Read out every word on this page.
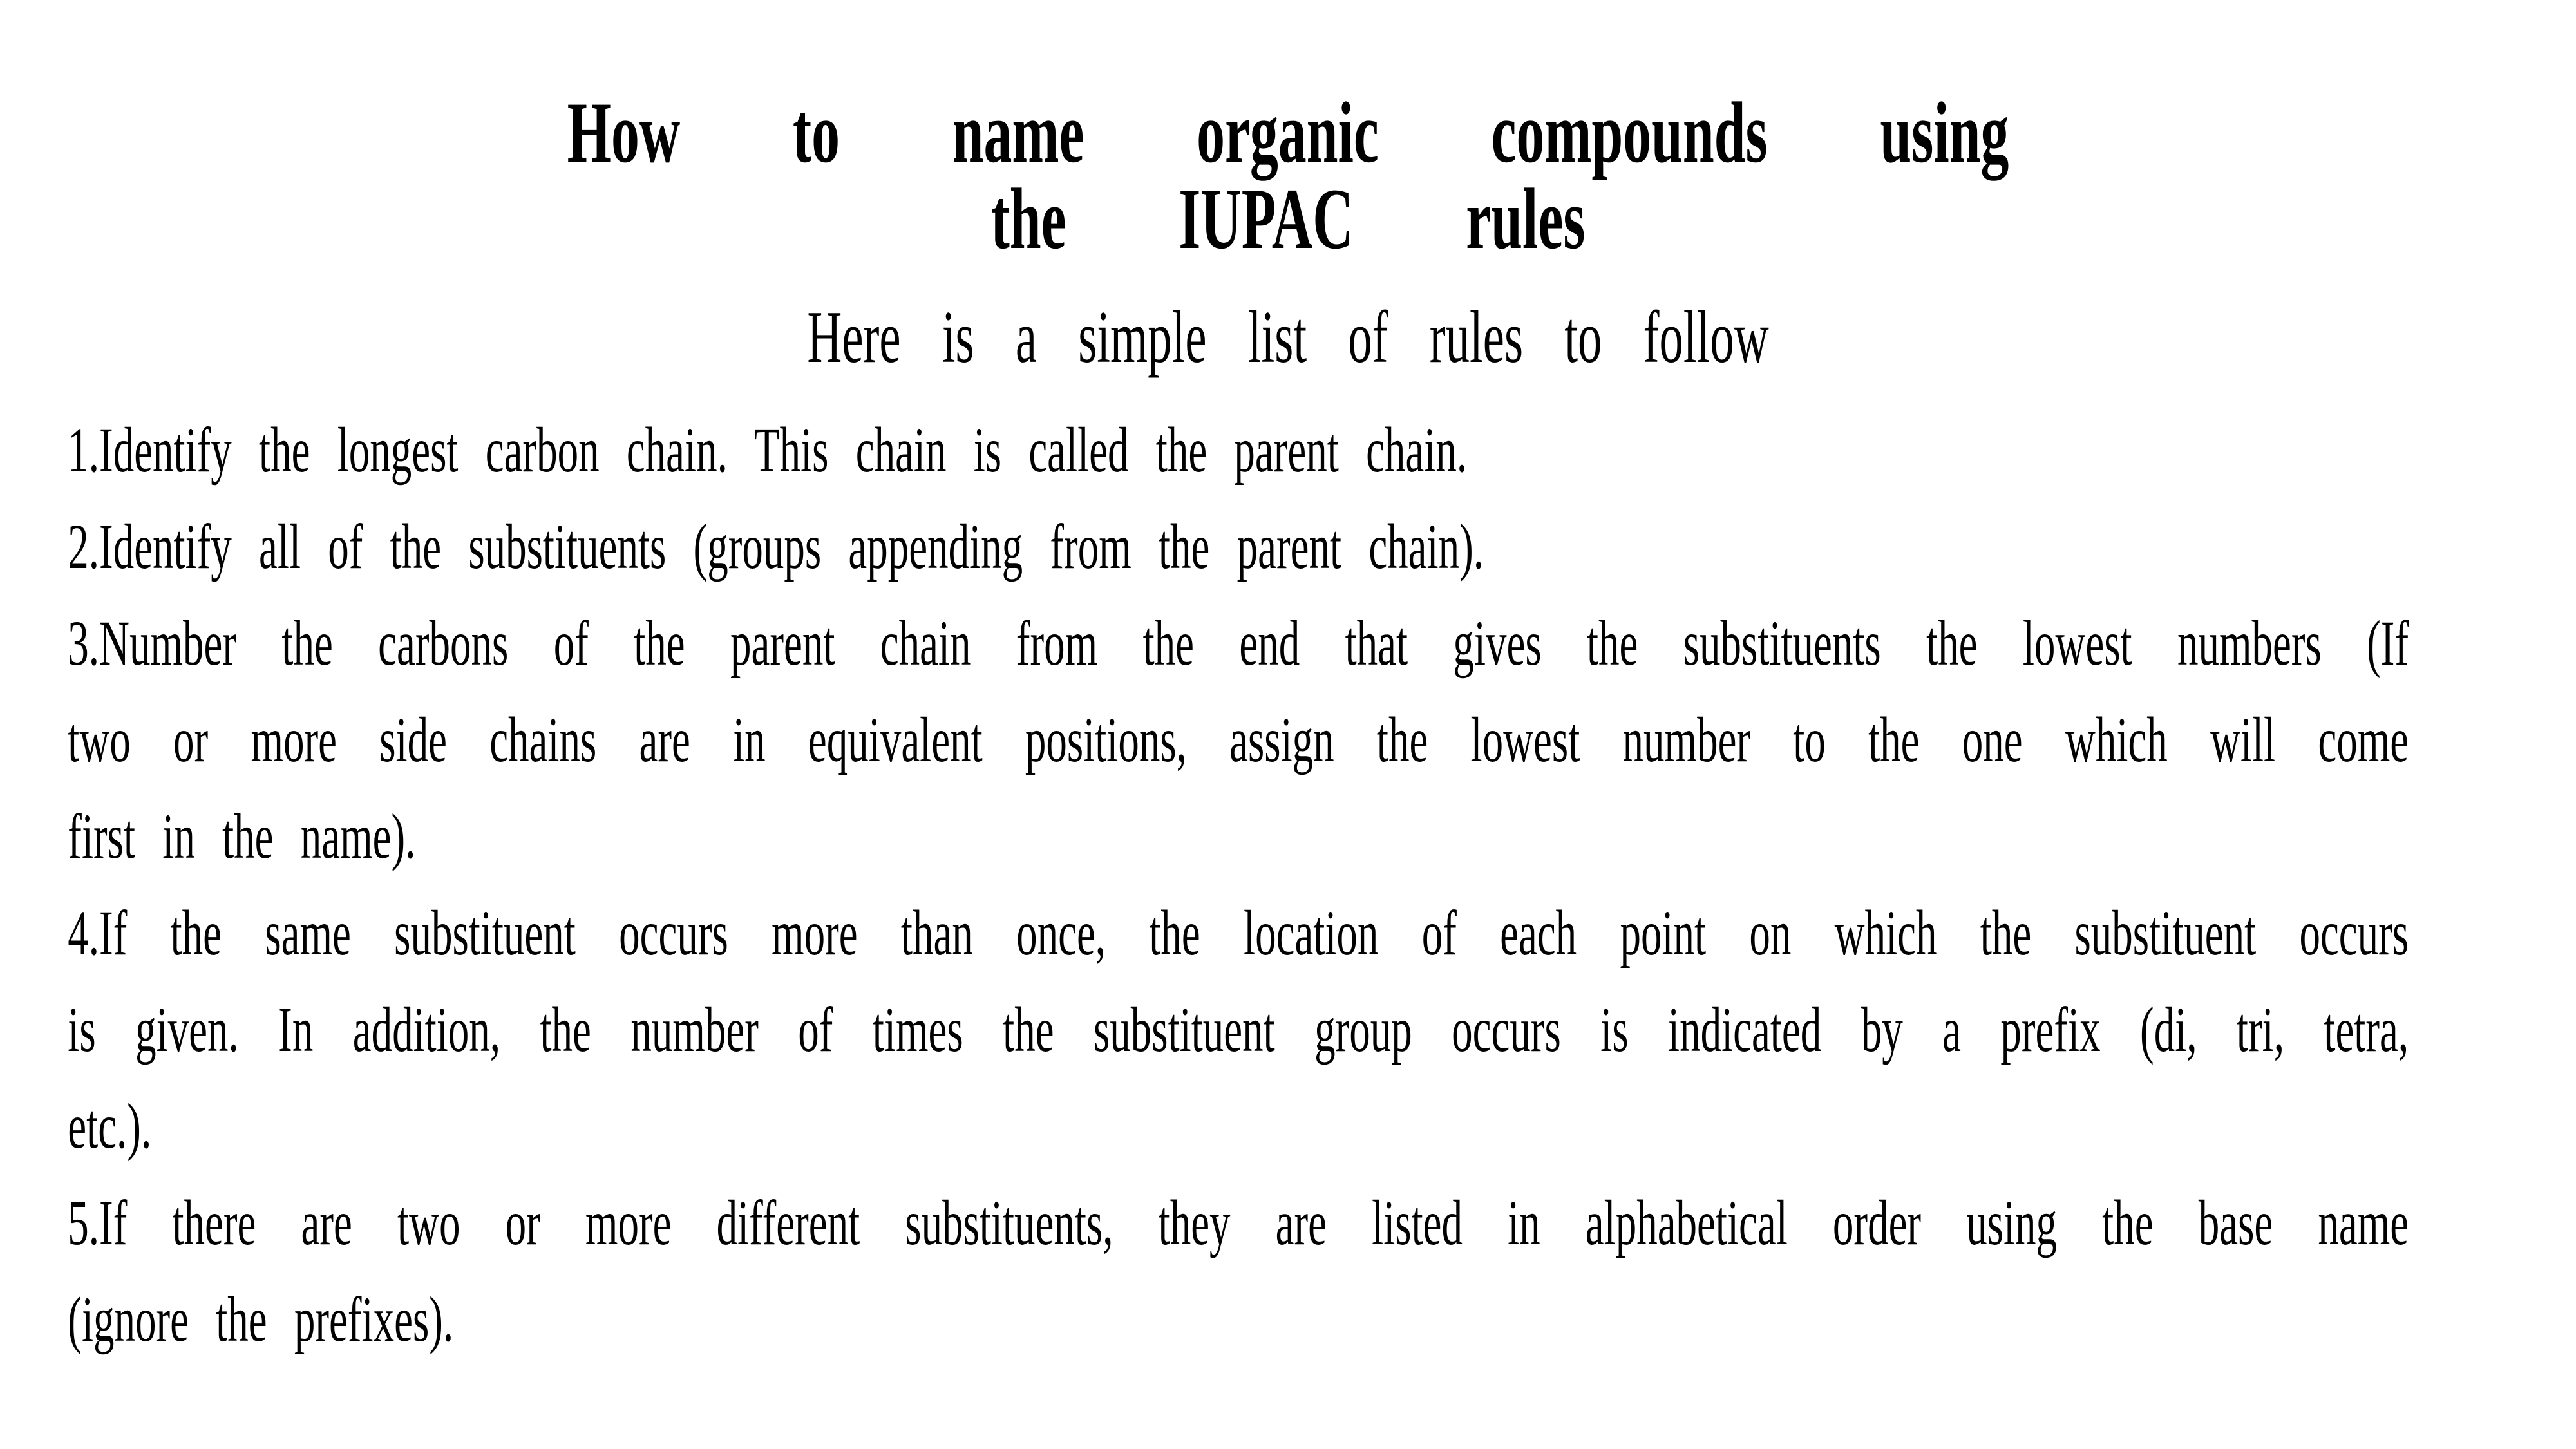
How to name organic compounds using
the IUPAC rules
Here is a simple list of rules to follow
1.Identify the longest carbon chain. This chain is called the parent chain.
2.Identify all of the substituents (groups appending from the parent chain).
3.Number the carbons of the parent chain from the end that gives the substituents the lowest numbers (If
two or more side chains are in equivalent positions, assign the lowest number to the one which will come
first in the name).
4.If the same substituent occurs more than once, the location of each point on which the substituent occurs
is given. In addition, the number of times the substituent group occurs is indicated by a prefix (di, tri, tetra,
etc.).
5.If there are two or more different substituents, they are listed in alphabetical order using the base name
(ignore the prefixes).
